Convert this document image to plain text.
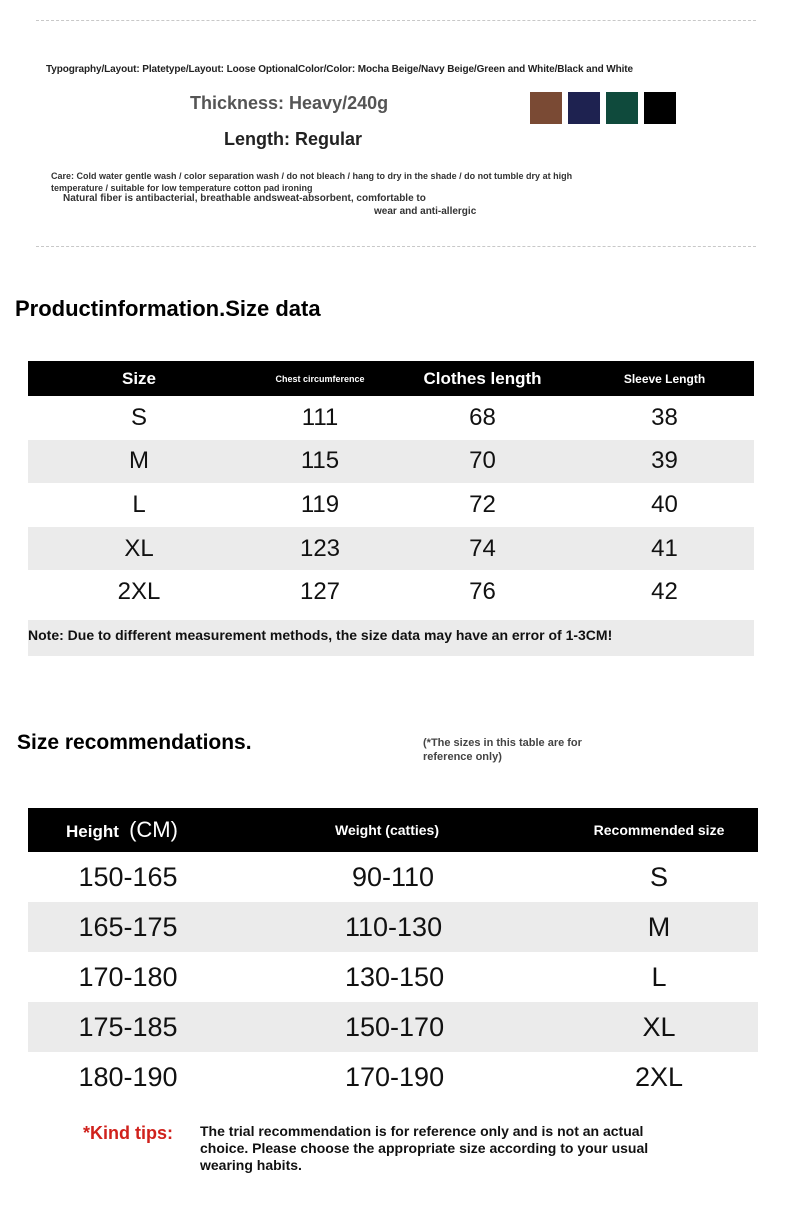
Typography/Layout: Platetype/Layout: Loose OptionalColor/Color: Mocha Beige/Navy Beige/Green and White/Black and White
Thickness: Heavy/240g
Length: Regular
Care: Cold water gentle wash / color separation wash / do not bleach / hang to dry in the shade / do not tumble dry at high temperature / suitable for low temperature cotton pad ironing
Natural fiber is antibacterial, breathable andsweat-absorbent, comfortable to
wear and anti-allergic
Productinformation.Size data
Size	Chest circumference	Clothes length	Sleeve Length
S	111	68	38
M	115	70	39
L	119	72	40
XL	123	74	41
2XL	127	76	42
Note: Due to different measurement methods, the size data may have an error of 1-3CM!
Size recommendations.	(*The sizes in this table are for reference only)
Height (CM)	Weight (catties)	Recommended size
150-165	90-110	S
165-175	110-130	M
170-180	130-150	L
175-185	150-170	XL
180-190	170-190	2XL
*Kind tips: The trial recommendation is for reference only and is not an actual choice. Please choose the appropriate size according to your usual wearing habits.
